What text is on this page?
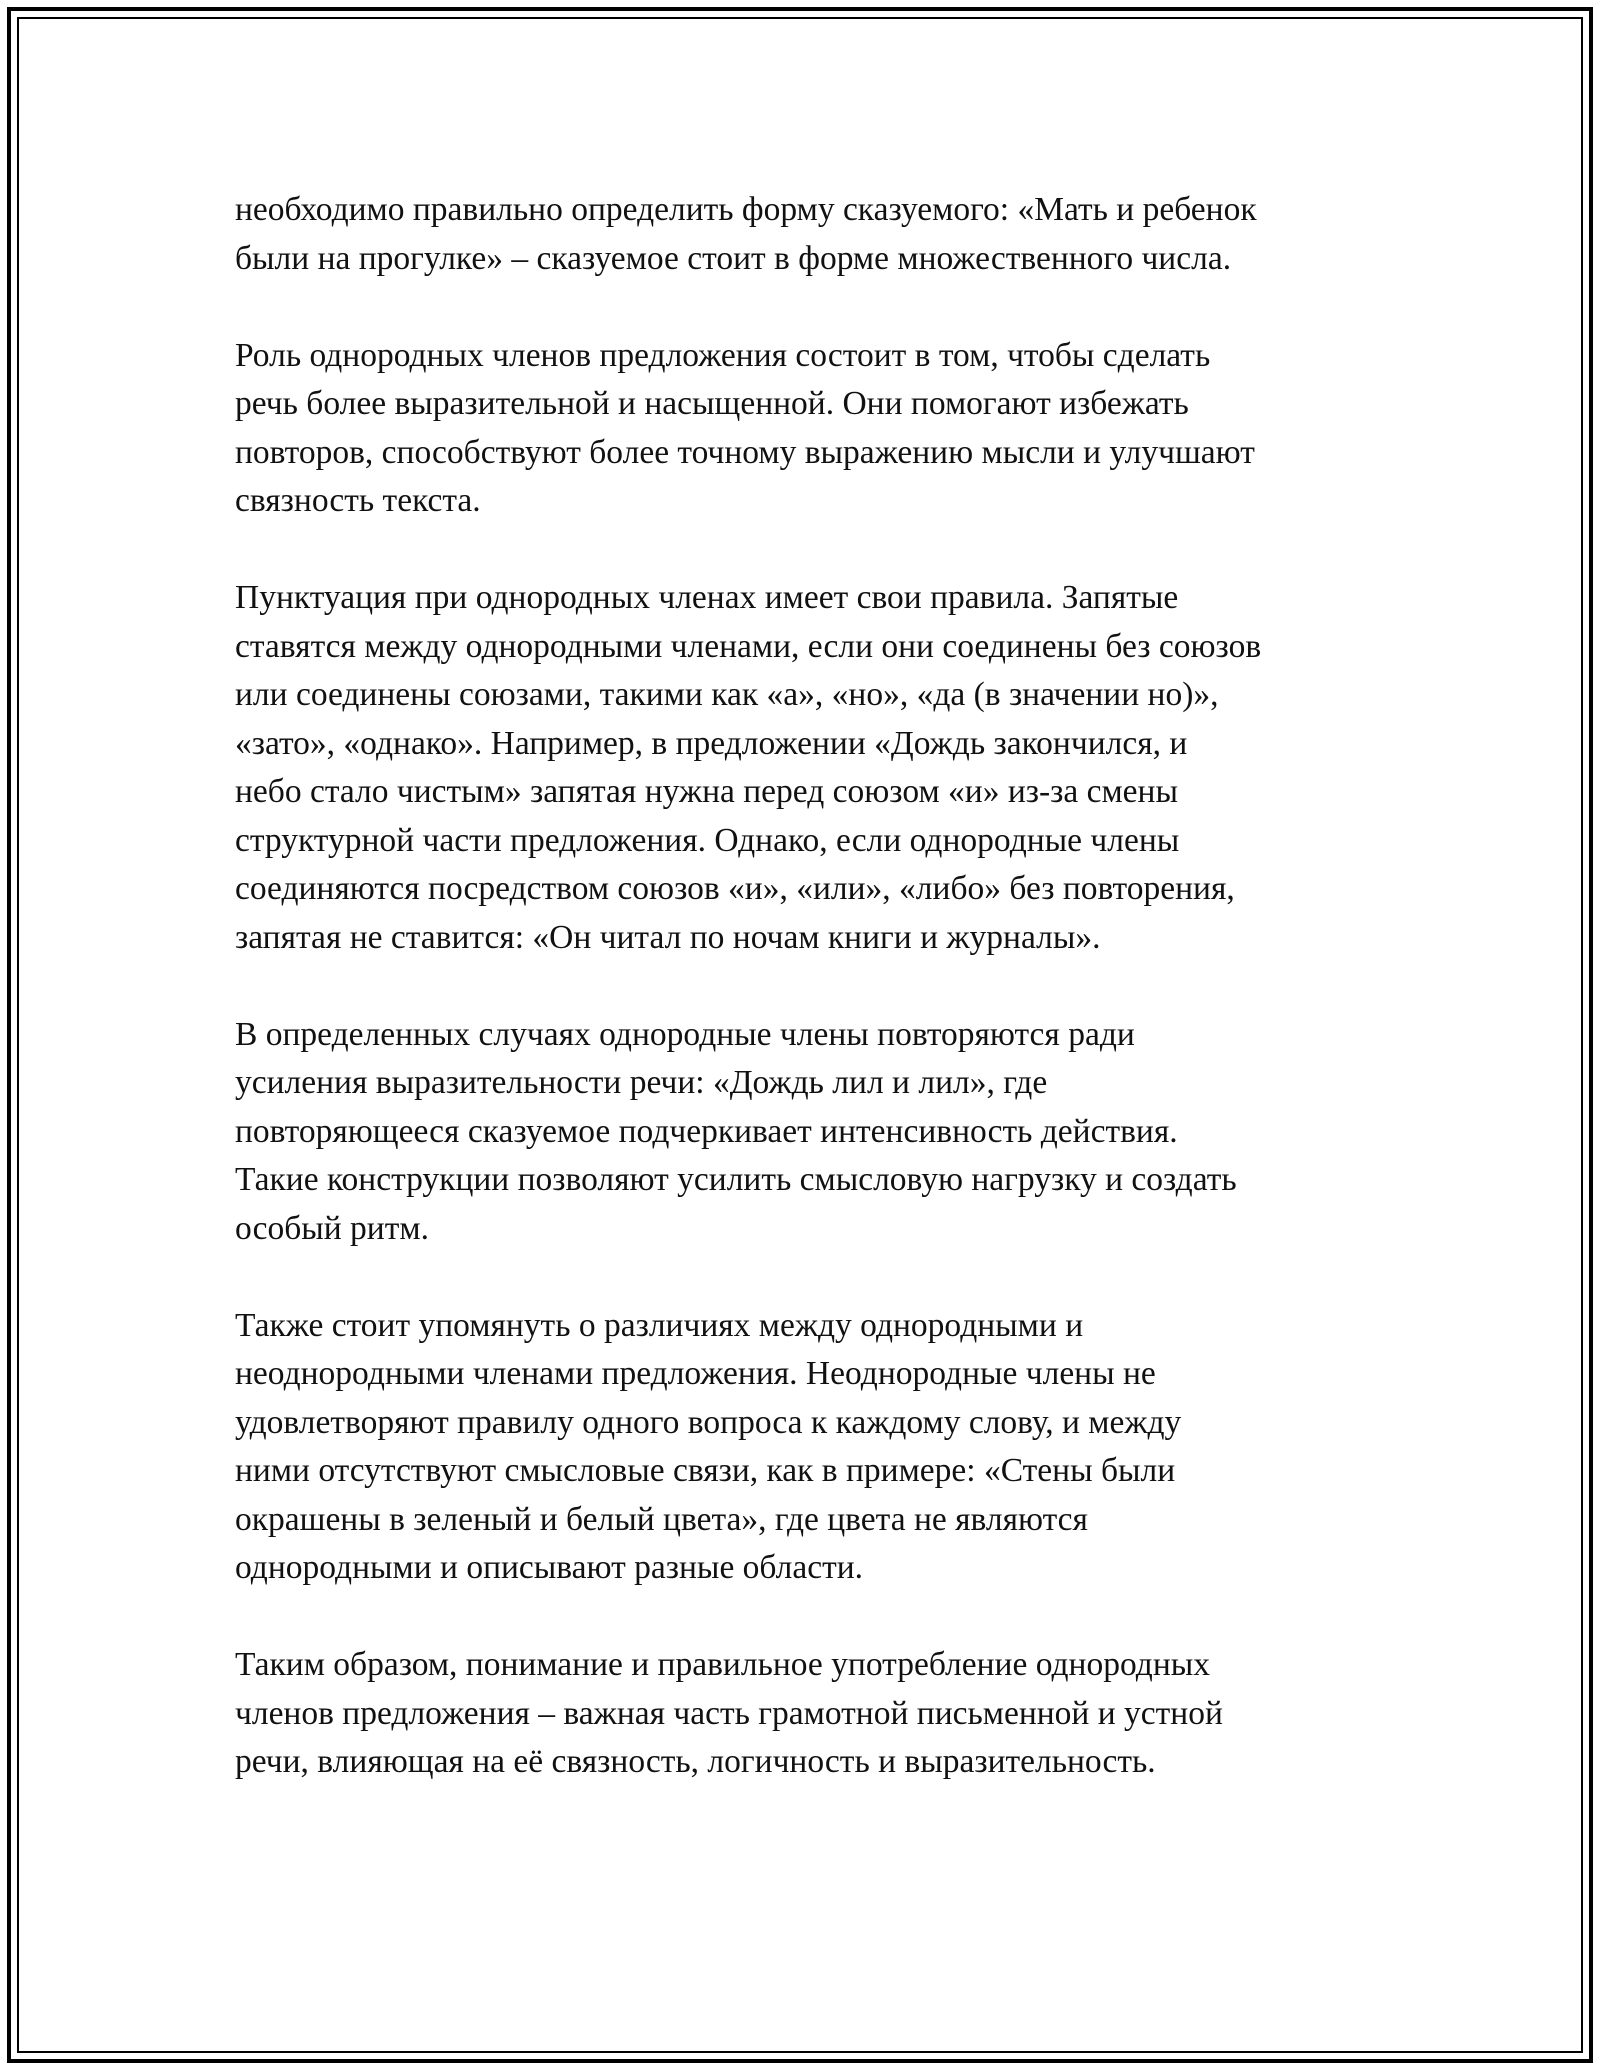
необходимо правильно определить форму сказуемого: «Мать и ребенок
были на прогулке» – сказуемое стоит в форме множественного числа.

Роль однородных членов предложения состоит в том, чтобы сделать
речь более выразительной и насыщенной. Они помогают избежать
повторов, способствуют более точному выражению мысли и улучшают
связность текста.

Пунктуация при однородных членах имеет свои правила. Запятые
ставятся между однородными членами, если они соединены без союзов
или соединены союзами, такими как «а», «но», «да (в значении но)»,
«зато», «однако». Например, в предложении «Дождь закончился, и
небо стало чистым» запятая нужна перед союзом «и» из-за смены
структурной части предложения. Однако, если однородные члены
соединяются посредством союзов «и», «или», «либо» без повторения,
запятая не ставится: «Он читал по ночам книги и журналы».

В определенных случаях однородные члены повторяются ради
усиления выразительности речи: «Дождь лил и лил», где
повторяющееся сказуемое подчеркивает интенсивность действия.
Такие конструкции позволяют усилить смысловую нагрузку и создать
особый ритм.

Также стоит упомянуть о различиях между однородными и
неоднородными членами предложения. Неоднородные члены не
удовлетворяют правилу одного вопроса к каждому слову, и между
ними отсутствуют смысловые связи, как в примере: «Стены были
окрашены в зеленый и белый цвета», где цвета не являются
однородными и описывают разные области.

Таким образом, понимание и правильное употребление однородных
членов предложения – важная часть грамотной письменной и устной
речи, влияющая на её связность, логичность и выразительность.
